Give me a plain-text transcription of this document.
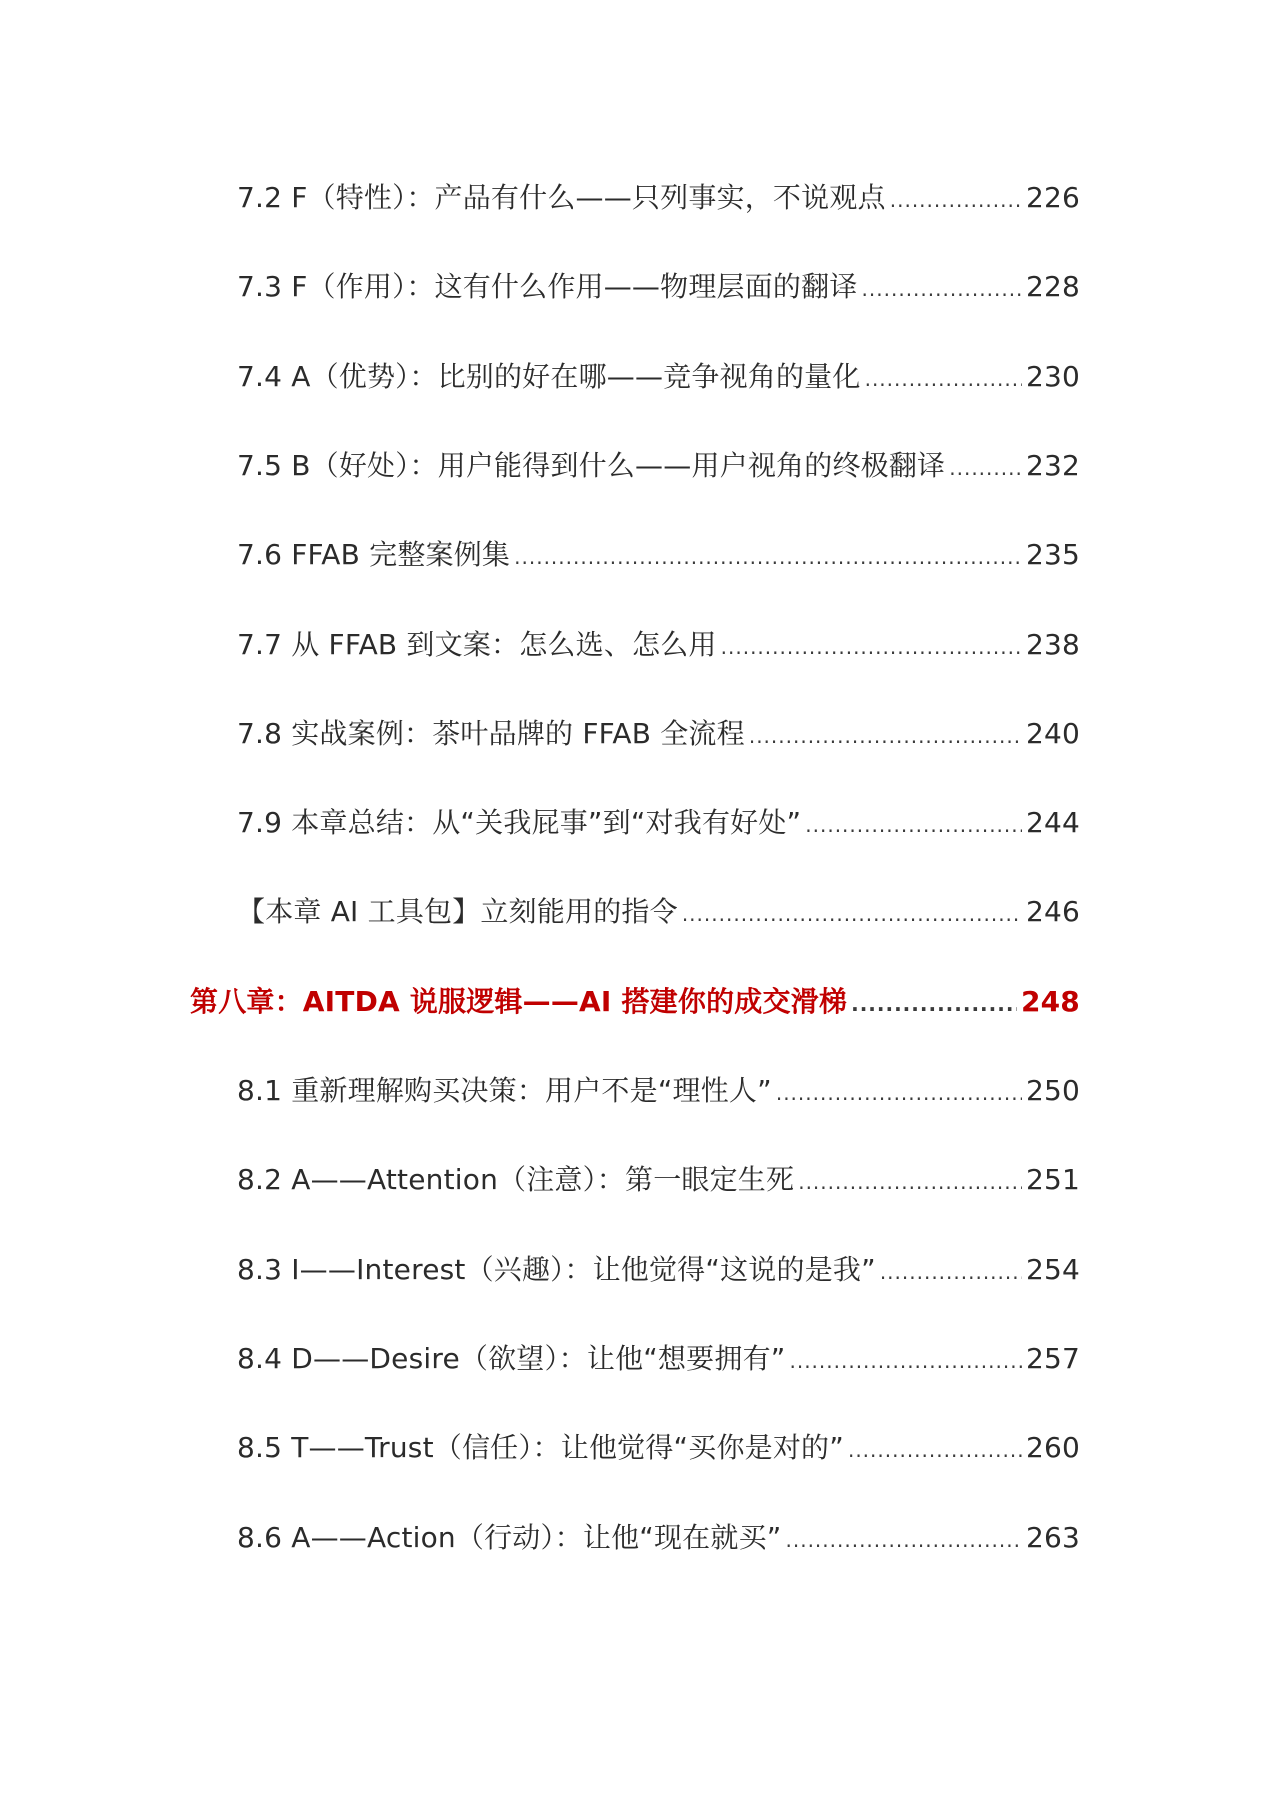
7.2 F（特性）：产品有什么——只列事实，不说观点 .....	226
7.3 F（作用）：这有什么作用——物理层面的翻译 .....	228
7.4 A（优势）：比别的好在哪——竞争视角的量化 .....	230
7.5 B（好处）：用户能得到什么——用户视角的终极翻译 .....	232
7.6 FFAB 完整案例集 .....	235
7.7 从 FFAB 到文案：怎么选、怎么用 .....	238
7.8 实战案例：茶叶品牌的 FFAB 全流程 .....	240
7.9 本章总结：从“关我屁事”到“对我有好处” .....	244
【本章 AI 工具包】立刻能用的指令 .....	246
第八章：AITDA 说服逻辑——AI 搭建你的成交滑梯 .....	248
8.1 重新理解购买决策：用户不是“理性人” .....	250
8.2 A——Attention（注意）：第一眼定生死 .....	251
8.3 I——Interest（兴趣）：让他觉得“这说的是我” .....	254
8.4 D——Desire（欲望）：让他“想要拥有” .....	257
8.5 T——Trust（信任）：让他觉得“买你是对的” .....	260
8.6 A——Action（行动）：让他“现在就买” .....	263
